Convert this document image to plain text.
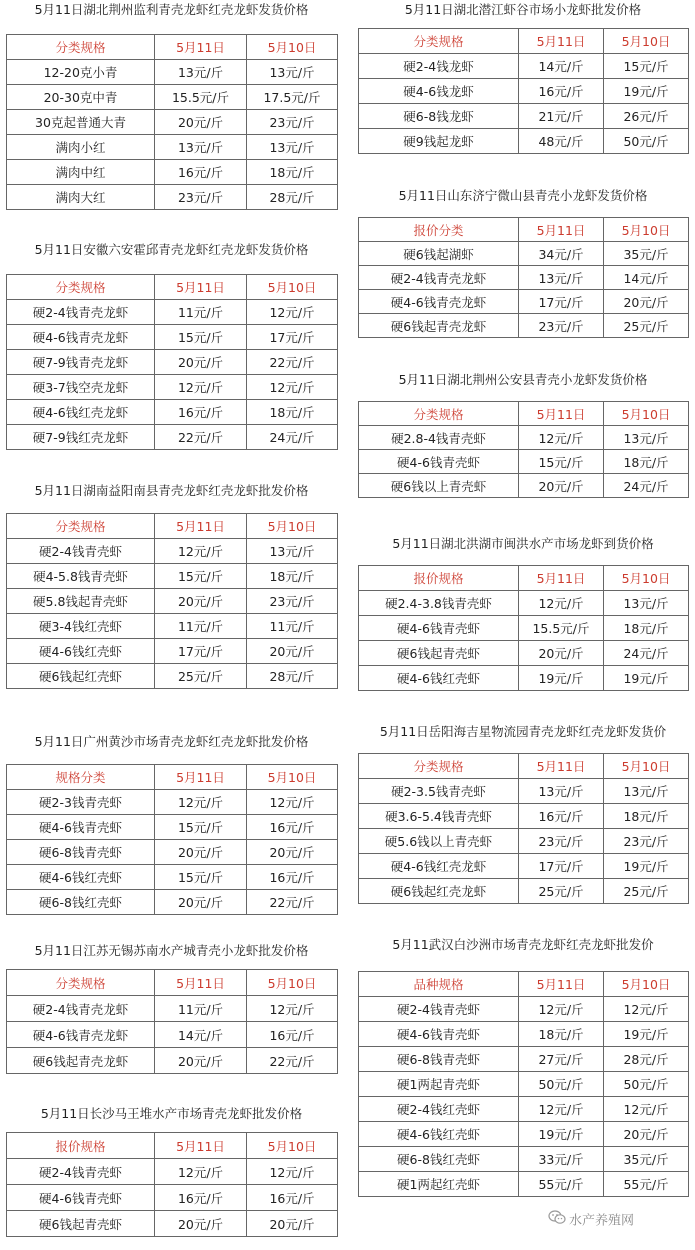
5月11日湖北荆州监利青壳龙虾红壳龙虾发货价格
分类规格	5月11日	5月10日
12-20克小青	13元/斤	13元/斤
20-30克中青	15.5元/斤	17.5元/斤
30克起普通大青	20元/斤	23元/斤
满肉小红	13元/斤	13元/斤
满肉中红	16元/斤	18元/斤
满肉大红	23元/斤	28元/斤
5月11日安徽六安霍邱青壳龙虾红壳龙虾发货价格
分类规格	5月11日	5月10日
硬2-4钱青壳龙虾	11元/斤	12元/斤
硬4-6钱青壳龙虾	15元/斤	17元/斤
硬7-9钱青壳龙虾	20元/斤	22元/斤
硬3-7钱空壳龙虾	12元/斤	12元/斤
硬4-6钱红壳龙虾	16元/斤	18元/斤
硬7-9钱红壳龙虾	22元/斤	24元/斤
5月11日湖南益阳南县青壳龙虾红壳龙虾批发价格
分类规格	5月11日	5月10日
硬2-4钱青壳虾	12元/斤	13元/斤
硬4-5.8钱青壳虾	15元/斤	18元/斤
硬5.8钱起青壳虾	20元/斤	23元/斤
硬3-4钱红壳虾	11元/斤	11元/斤
硬4-6钱红壳虾	17元/斤	20元/斤
硬6钱起红壳虾	25元/斤	28元/斤
5月11日广州黄沙市场青壳龙虾红壳龙虾批发价格
规格分类	5月11日	5月10日
硬2-3钱青壳虾	12元/斤	12元/斤
硬4-6钱青壳虾	15元/斤	16元/斤
硬6-8钱青壳虾	20元/斤	20元/斤
硬4-6钱红壳虾	15元/斤	16元/斤
硬6-8钱红壳虾	20元/斤	22元/斤
5月11日江苏无锡苏南水产城青壳小龙虾批发价格
分类规格	5月11日	5月10日
硬2-4钱青壳龙虾	11元/斤	12元/斤
硬4-6钱青壳龙虾	14元/斤	16元/斤
硬6钱起青壳龙虾	20元/斤	22元/斤
5月11日长沙马王堆水产市场青壳龙虾批发价格
报价规格	5月11日	5月10日
硬2-4钱青壳虾	12元/斤	12元/斤
硬4-6钱青壳虾	16元/斤	16元/斤
硬6钱起青壳虾	20元/斤	20元/斤
5月11日湖北潜江虾谷市场小龙虾批发价格
分类规格	5月11日	5月10日
硬2-4钱龙虾	14元/斤	15元/斤
硬4-6钱龙虾	16元/斤	19元/斤
硬6-8钱龙虾	21元/斤	26元/斤
硬9钱起龙虾	48元/斤	50元/斤
5月11日山东济宁微山县青壳小龙虾发货价格
报价分类	5月11日	5月10日
硬6钱起湖虾	34元/斤	35元/斤
硬2-4钱青壳龙虾	13元/斤	14元/斤
硬4-6钱青壳龙虾	17元/斤	20元/斤
硬6钱起青壳龙虾	23元/斤	25元/斤
5月11日湖北荆州公安县青壳小龙虾发货价格
分类规格	5月11日	5月10日
硬2.8-4钱青壳虾	12元/斤	13元/斤
硬4-6钱青壳虾	15元/斤	18元/斤
硬6钱以上青壳虾	20元/斤	24元/斤
5月11日湖北洪湖市闽洪水产市场龙虾到货价格
报价规格	5月11日	5月10日
硬2.4-3.8钱青壳虾	12元/斤	13元/斤
硬4-6钱青壳虾	15.5元/斤	18元/斤
硬6钱起青壳虾	20元/斤	24元/斤
硬4-6钱红壳虾	19元/斤	19元/斤
5月11日岳阳海吉星物流园青壳龙虾红壳龙虾发货价
分类规格	5月11日	5月10日
硬2-3.5钱青壳虾	13元/斤	13元/斤
硬3.6-5.4钱青壳虾	16元/斤	18元/斤
硬5.6钱以上青壳虾	23元/斤	23元/斤
硬4-6钱红壳龙虾	17元/斤	19元/斤
硬6钱起红壳龙虾	25元/斤	25元/斤
5月11武汉白沙洲市场青壳龙虾红壳龙虾批发价
品种规格	5月11日	5月10日
硬2-4钱青壳虾	12元/斤	12元/斤
硬4-6钱青壳虾	18元/斤	19元/斤
硬6-8钱青壳虾	27元/斤	28元/斤
硬1两起青壳虾	50元/斤	50元/斤
硬2-4钱红壳虾	12元/斤	12元/斤
硬4-6钱红壳虾	19元/斤	20元/斤
硬6-8钱红壳虾	33元/斤	35元/斤
硬1两起红壳虾	55元/斤	55元/斤
水产养殖网
